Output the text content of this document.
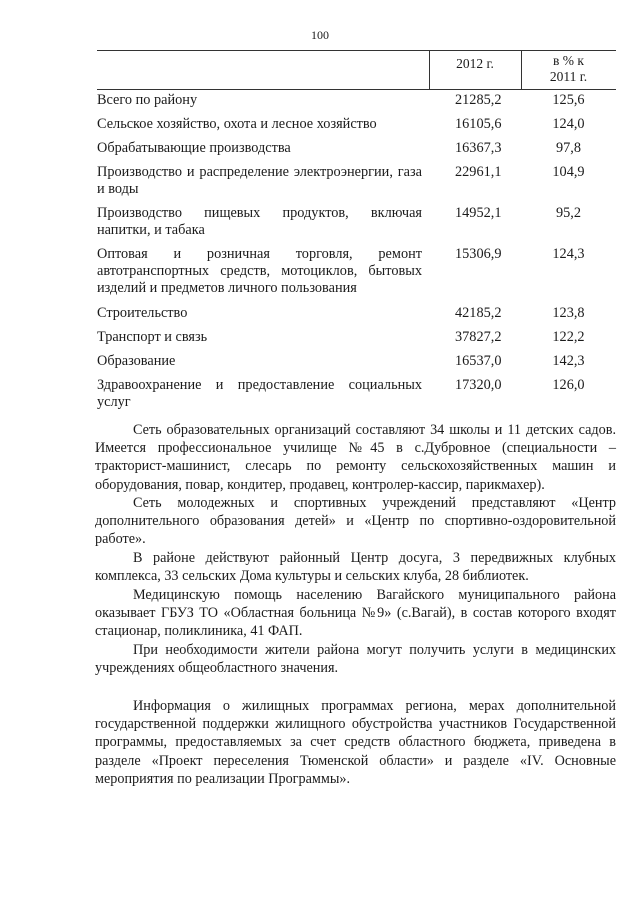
100
2012 г.	в % к
2011 г.
Всего по району	21285,2	125,6
Сельское хозяйство, охота и лесное хозяйство	16105,6	124,0
Обрабатывающие производства	16367,3	97,8
Производство и распределение электроэнергии, газа и воды
22961,1	104,9
Производство пищевых продуктов, включая напитки, и табака
14952,1	95,2
Оптовая и розничная торговля, ремонт автотранспортных средств, мотоциклов, бытовых изделий и предметов личного пользования
15306,9	124,3
Строительство	42185,2	123,8
Транспорт и связь	37827,2	122,2
Образование	16537,0	142,3
Здравоохранение и предоставление социальных услуг
17320,0	126,0

Сеть образовательных организаций составляют 34 школы и 11 детских садов. Имеется профессиональное училище №45 в с.Дубровное (специальности – тракторист-машинист, слесарь по ремонту сельскохозяйственных машин и оборудования, повар, кондитер, продавец, контролер-кассир, парикмахер).

Сеть молодежных и спортивных учреждений представляют «Центр дополнительного образования детей» и «Центр по спортивно-оздоровительной работе».

В районе действуют районный Центр досуга, 3 передвижных клубных комплекса, 33 сельских Дома культуры и сельских клуба, 28 библиотек.

Медицинскую помощь населению Вагайского муниципального района оказывает ГБУЗ ТО «Областная больница №9» (с.Вагай), в состав которого входят стационар, поликлиника, 41 ФАП.

При необходимости жители района могут получить услуги в медицинских учреждениях общеобластного значения.

Информация о жилищных программах региона, мерах дополнительной государственной поддержки жилищного обустройства участников Государственной программы, предоставляемых за счет средств областного бюджета, приведена в разделе «Проект переселения Тюменской области» и разделе «IV. Основные мероприятия по реализации Программы».
